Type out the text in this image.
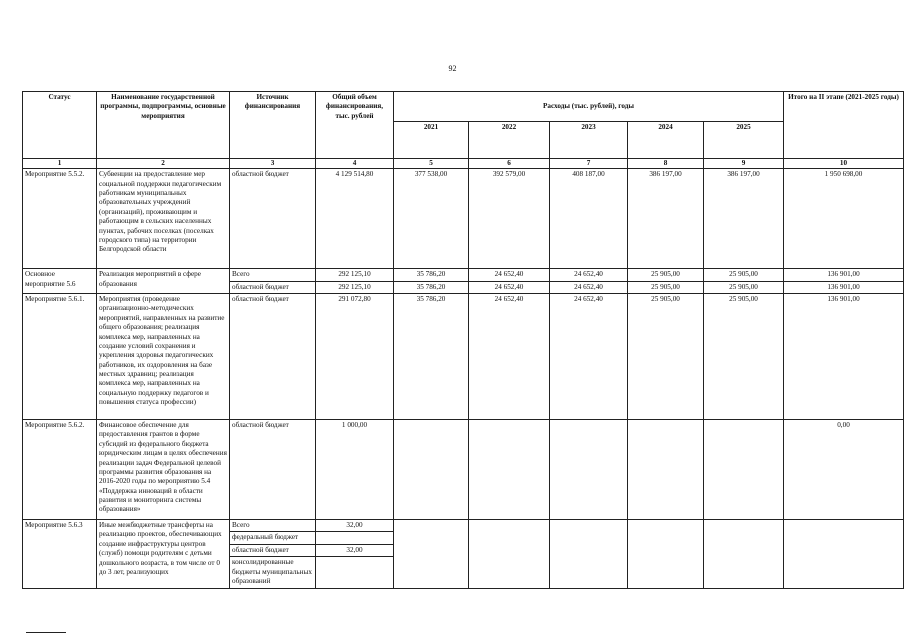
92
Статус	Наименование государственной программы, подпрограммы, основные мероприятия	Источник финансирования	Общий объем финансирования, тыс. рублей	Расходы (тыс. рублей), годы					Итого на II этапе (2021-2025 годы)
				2021	2022	2023	2024	2025	
1	2	3	4	5	6	7	8	9	10
Мероприятие 5.5.2.	Субвенции на предоставление мер социальной поддержки педагогическим работникам муниципальных образовательных учреждений (организаций), проживающим и работающим в сельских населенных пунктах, рабочих поселках (поселках городского типа) на территории Белгородской области	областной бюджет	4 129 514,80	377 538,00	392 579,00	408 187,00	386 197,00	386 197,00	1 950 698,00
Основное мероприятие 5.6	Реализация мероприятий в сфере образования	Всего	292 125,10	35 786,20	24 652,40	24 652,40	25 905,00	25 905,00	136 901,00
		областной бюджет	292 125,10	35 786,20	24 652,40	24 652,40	25 905,00	25 905,00	136 901,00
Мероприятие 5.6.1.	Мероприятия (проведение организационно-методических мероприятий, направленных на развитие общего образования; реализация комплекса мер, направленных на создание условий сохранения и укрепления здоровья педагогических работников, их оздоровления на базе местных здравниц; реализация комплекса мер, направленных на социальную поддержку педагогов и повышения статуса профессии)	областной бюджет	291 072,80	35 786,20	24 652,40	24 652,40	25 905,00	25 905,00	136 901,00
Мероприятие 5.6.2.	Финансовое обеспечение для предоставления грантов в форме субсидий из федерального бюджета юридическим лицам в целях обеспечения реализации задач Федеральной целевой программы развития образования на 2016-2020 годы по мероприятию 5.4 «Поддержка инноваций в области развития и мониторинга системы образования»	областной бюджет	1 000,00						0,00
Мероприятие 5.6.3	Иные межбюджетные трансферты на реализацию проектов, обеспечивающих создание инфраструктуры центров (служб) помощи родителям с детьми дошкольного возраста, в том числе от 0 до 3 лет, реализующих	Всего	32,00						
		федеральный бюджет							
		областной бюджет	32,00						
		консолидированные бюджеты муниципальных образований							
